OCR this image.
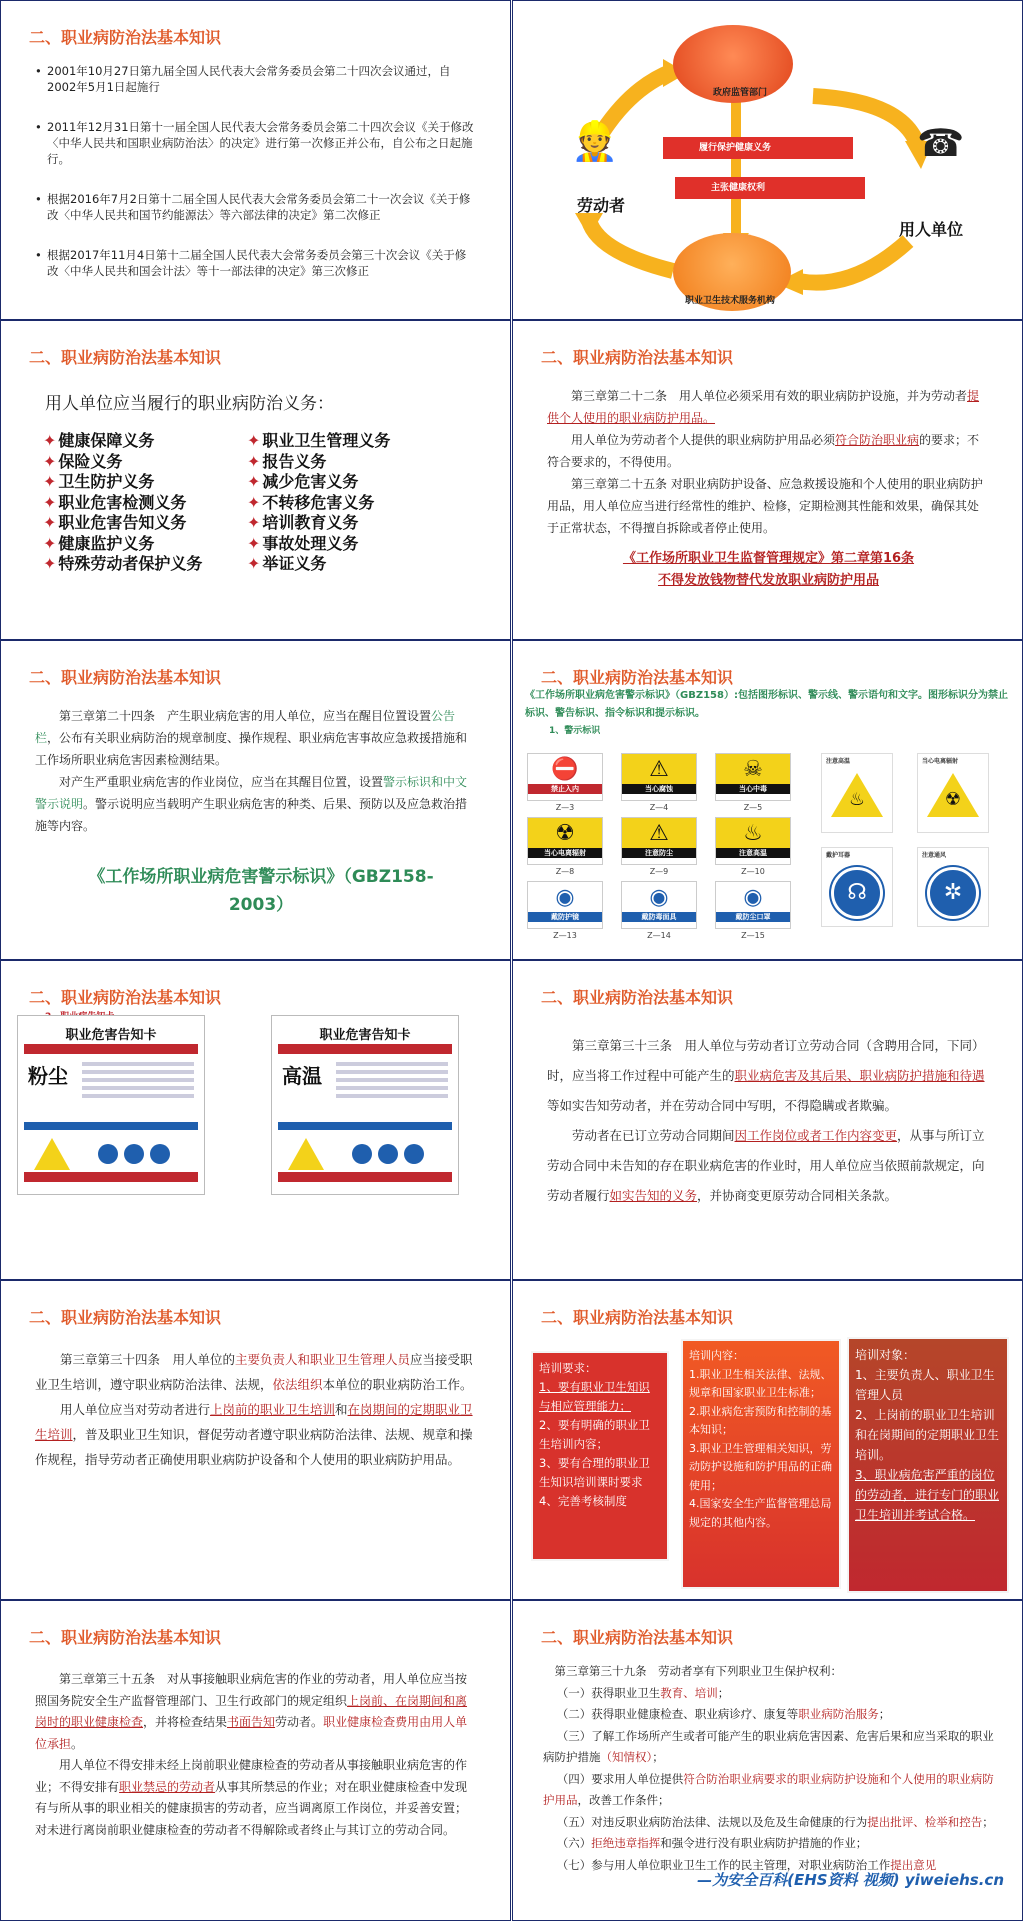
二、职业病防治法基本知识
• 2001年10月27日第九届全国人民代表大会常务委员会第二十四次会议通过，自2002年5月1日起施行
• 2011年12月31日第十一届全国人民代表大会常务委员会第二十四次会议《关于修改〈中华人民共和国职业病防治法〉的决定》进行第一次修正并公布，自公布之日起施行。
• 根据2016年7月2日第十二届全国人民代表大会常务委员会第二十一次会议《关于修改〈中华人民共和国节约能源法〉等六部法律的决定》第二次修正
• 根据2017年11月4日第十二届全国人民代表大会常务委员会第三十次会议《关于修改〈中华人民共和国会计法〉等十一部法律的决定》第三次修正
政府监管部门
职业卫生技术服务机构
履行保护健康义务
主张健康权利
👷
劳动者
☎
用人单位
二、职业病防治法基本知识
用人单位应当履行的职业病防治义务：
✦ 健康保障义务
✦ 保险义务
✦ 卫生防护义务
✦ 职业危害检测义务
✦ 职业危害告知义务
✦ 健康监护义务
✦ 特殊劳动者保护义务
✦ 职业卫生管理义务
✦ 报告义务
✦ 减少危害义务
✦ 不转移危害义务
✦ 培训教育义务
✦ 事故处理义务
✦ 举证义务
二、职业病防治法基本知识

第三章第二十二条　用人单位必须采用有效的职业病防护设施，并为劳动者提供个人使用的职业病防护用品。

用人单位为劳动者个人提供的职业病防护用品必须符合防治职业病的要求；不符合要求的，不得使用。

第三章第二十五条 对职业病防护设备、应急救援设施和个人使用的职业病防护用品，用人单位应当进行经常性的维护、检修，定期检测其性能和效果，确保其处于正常状态，不得擅自拆除或者停止使用。

《工作场所职业卫生监督管理规定》第二章第16条
不得发放钱物替代发放职业病防护用品
二、职业病防治法基本知识

第三章第二十四条　产生职业病危害的用人单位，应当在醒目位置设置公告栏，公布有关职业病防治的规章制度、操作规程、职业病危害事故应急救援措施和工作场所职业病危害因素检测结果。

对产生严重职业病危害的作业岗位，应当在其醒目位置，设置警示标识和中文警示说明。警示说明应当载明产生职业病危害的种类、后果、预防以及应急救治措施等内容。

《工作场所职业病危害警示标识》（GBZ158-2003）
二、职业病防治法基本知识
《工作场所职业病危害警示标识》（GBZ158）:包括图形标识、警示线、警示语句和文字。图形标识分为禁止标识、警告标识、指令标识和提示标识。
1、警示标识
⛔
禁止入内
Z—3
⚠
当心腐蚀
Z—4
☠
当心中毒
Z—5
☢
当心电离辐射
Z—8
⚠
注意防尘
Z—9
♨
注意高温
Z—10
◉
戴防护镜
Z—13
◉
戴防毒面具
Z—14
◉
戴防尘口罩
Z—15
注意高温
♨
当心电离辐射
☢
戴护耳器
☊
注意通风
✲
二、职业病防治法基本知识
职业危害告知卡
粉尘
职业危害告知卡
高温
二、职业病防治法基本知识

第三章第三十三条　用人单位与劳动者订立劳动合同（含聘用合同，下同）时，应当将工作过程中可能产生的职业病危害及其后果、职业病防护措施和待遇等如实告知劳动者，并在劳动合同中写明，不得隐瞒或者欺骗。

劳动者在已订立劳动合同期间因工作岗位或者工作内容变更，从事与所订立劳动合同中未告知的存在职业病危害的作业时，用人单位应当依照前款规定，向劳动者履行如实告知的义务，并协商变更原劳动合同相关条款。

二、职业病防治法基本知识

第三章第三十四条　用人单位的主要负责人和职业卫生管理人员应当接受职业卫生培训，遵守职业病防治法律、法规，依法组织本单位的职业病防治工作。

用人单位应当对劳动者进行上岗前的职业卫生培训和在岗期间的定期职业卫生培训，普及职业卫生知识，督促劳动者遵守职业病防治法律、法规、规章和操作规程，指导劳动者正确使用职业病防护设备和个人使用的职业病防护用品。

二、职业病防治法基本知识
培训要求：
1、要有职业卫生知识与相应管理能力；
2、要有明确的职业卫生培训内容；
3、要有合理的职业卫生知识培训课时要求
4、完善考核制度
培训内容：
1.职业卫生相关法律、法规、规章和国家职业卫生标准；
2.职业病危害预防和控制的基本知识；
3.职业卫生管理相关知识，劳动防护设施和防护用品的正确使用；
4.国家安全生产监督管理总局规定的其他内容。
培训对象：
1、主要负责人、职业卫生管理人员
2、上岗前的职业卫生培训和在岗期间的定期职业卫生培训。
3、职业病危害严重的岗位的劳动者，进行专门的职业卫生培训并考试合格。
二、职业病防治法基本知识

第三章第三十五条　对从事接触职业病危害的作业的劳动者，用人单位应当按照国务院安全生产监督管理部门、卫生行政部门的规定组织上岗前、在岗期间和离岗时的职业健康检查，并将检查结果书面告知劳动者。职业健康检查费用由用人单位承担。

用人单位不得安排未经上岗前职业健康检查的劳动者从事接触职业病危害的作业；不得安排有职业禁忌的劳动者从事其所禁忌的作业；对在职业健康检查中发现有与所从事的职业相关的健康损害的劳动者，应当调离原工作岗位，并妥善安置；对未进行离岗前职业健康检查的劳动者不得解除或者终止与其订立的劳动合同。

二、职业病防治法基本知识

第三章第三十九条　劳动者享有下列职业卫生保护权利：

（一）获得职业卫生教育、培训；
（二）获得职业健康检查、职业病诊疗、康复等职业病防治服务；
（三）了解工作场所产生或者可能产生的职业病危害因素、危害后果和应当采取的职业病防护措施（知情权）；
（四）要求用人单位提供符合防治职业病要求的职业病防护设施和个人使用的职业病防护用品，改善工作条件；
（五）对违反职业病防治法律、法规以及危及生命健康的行为提出批评、检举和控告；
（六）拒绝违章指挥和强令进行没有职业病防护措施的作业；
（七）参与用人单位职业卫生工作的民主管理，对职业病防治工作提出意见
—为安全百科(EHS资料 视频) yiweiehs.cn
